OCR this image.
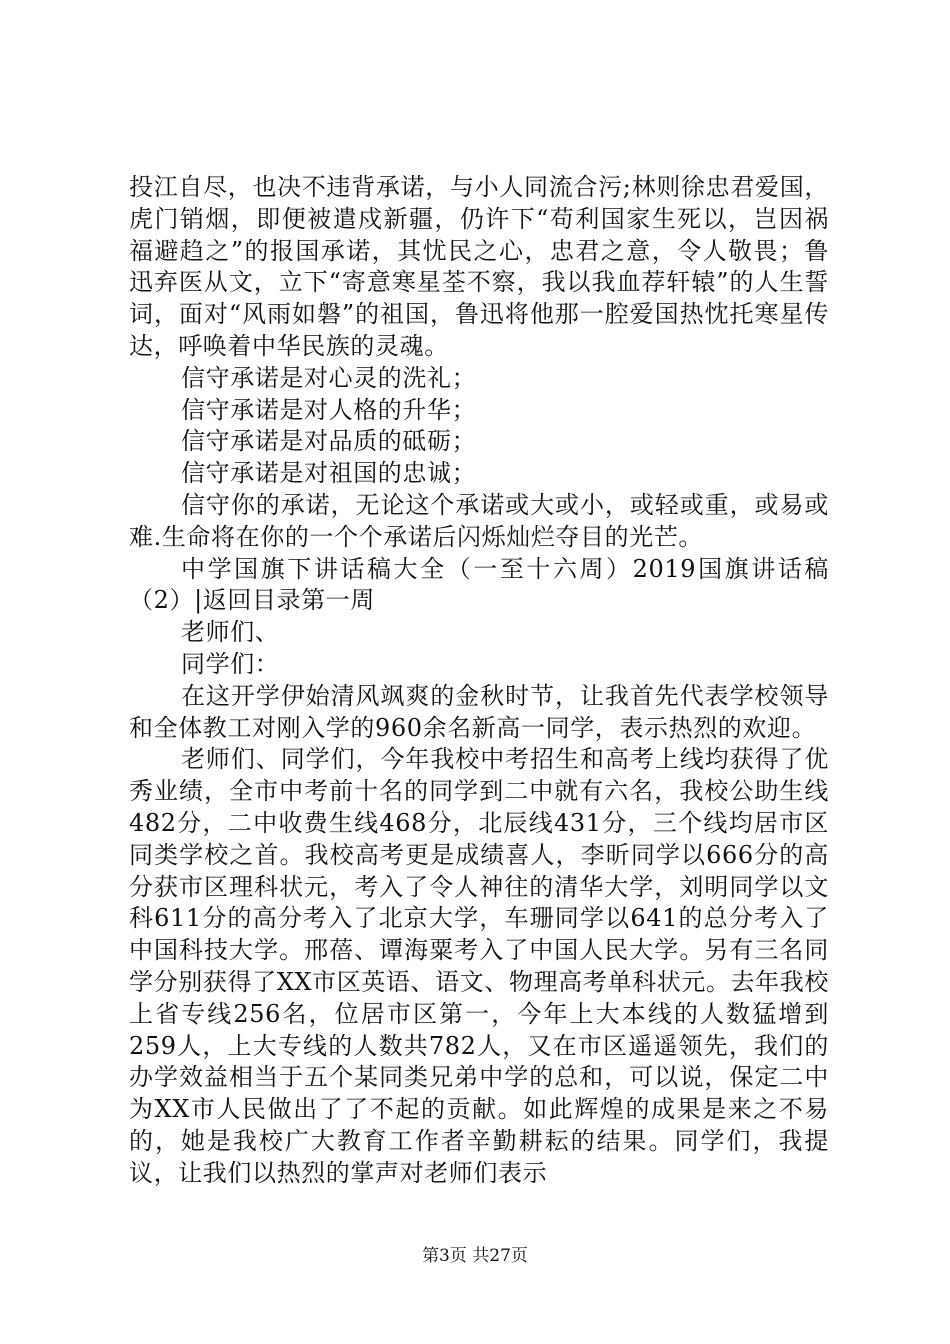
投江自尽，也决不违背承诺，与小人同流合污;林则徐忠君爱国，虎门销烟，即便被遣戍新疆，仍许下“苟利国家生死以，岂因祸福避趋之”的报国承诺，其忧民之心，忠君之意，令人敬畏；鲁迅弃医从文，立下“寄意寒星荃不察，我以我血荐轩辕”的人生誓词，面对“风雨如磐”的祖国，鲁迅将他那一腔爱国热忱托寒星传达，呼唤着中华民族的灵魂。

信守承诺是对心灵的洗礼；

信守承诺是对人格的升华；

信守承诺是对品质的砥砺；

信守承诺是对祖国的忠诚；

信守你的承诺，无论这个承诺或大或小，或轻或重，或易或难.生命将在你的一个个承诺后闪烁灿烂夺目的光芒。

中学国旗下讲话稿大全（一至十六周）2019国旗讲话稿（2）|返回目录第一周

老师们、

同学们：

在这开学伊始清风飒爽的金秋时节，让我首先代表学校领导和全体教工对刚入学的960余名新高一同学，表示热烈的欢迎。

老师们、同学们，今年我校中考招生和高考上线均获得了优秀业绩，全市中考前十名的同学到二中就有六名，我校公助生线482分，二中收费生线468分，北辰线431分，三个线均居市区同类学校之首。我校高考更是成绩喜人，李昕同学以666分的高分获市区理科状元，考入了令人神往的清华大学，刘明同学以文科611分的高分考入了北京大学，车珊同学以641的总分考入了中国科技大学。邢蓓、谭海粟考入了中国人民大学。另有三名同学分别获得了XX市区英语、语文、物理高考单科状元。去年我校上省专线256名，位居市区第一，今年上大本线的人数猛增到259人，上大专线的人数共782人，又在市区遥遥领先，我们的办学效益相当于五个某同类兄弟中学的总和，可以说，保定二中为XX市人民做出了了不起的贡献。如此辉煌的成果是来之不易的，她是我校广大教育工作者辛勤耕耘的结果。同学们，我提议，让我们以热烈的掌声对老师们表示

第3页 共27页
